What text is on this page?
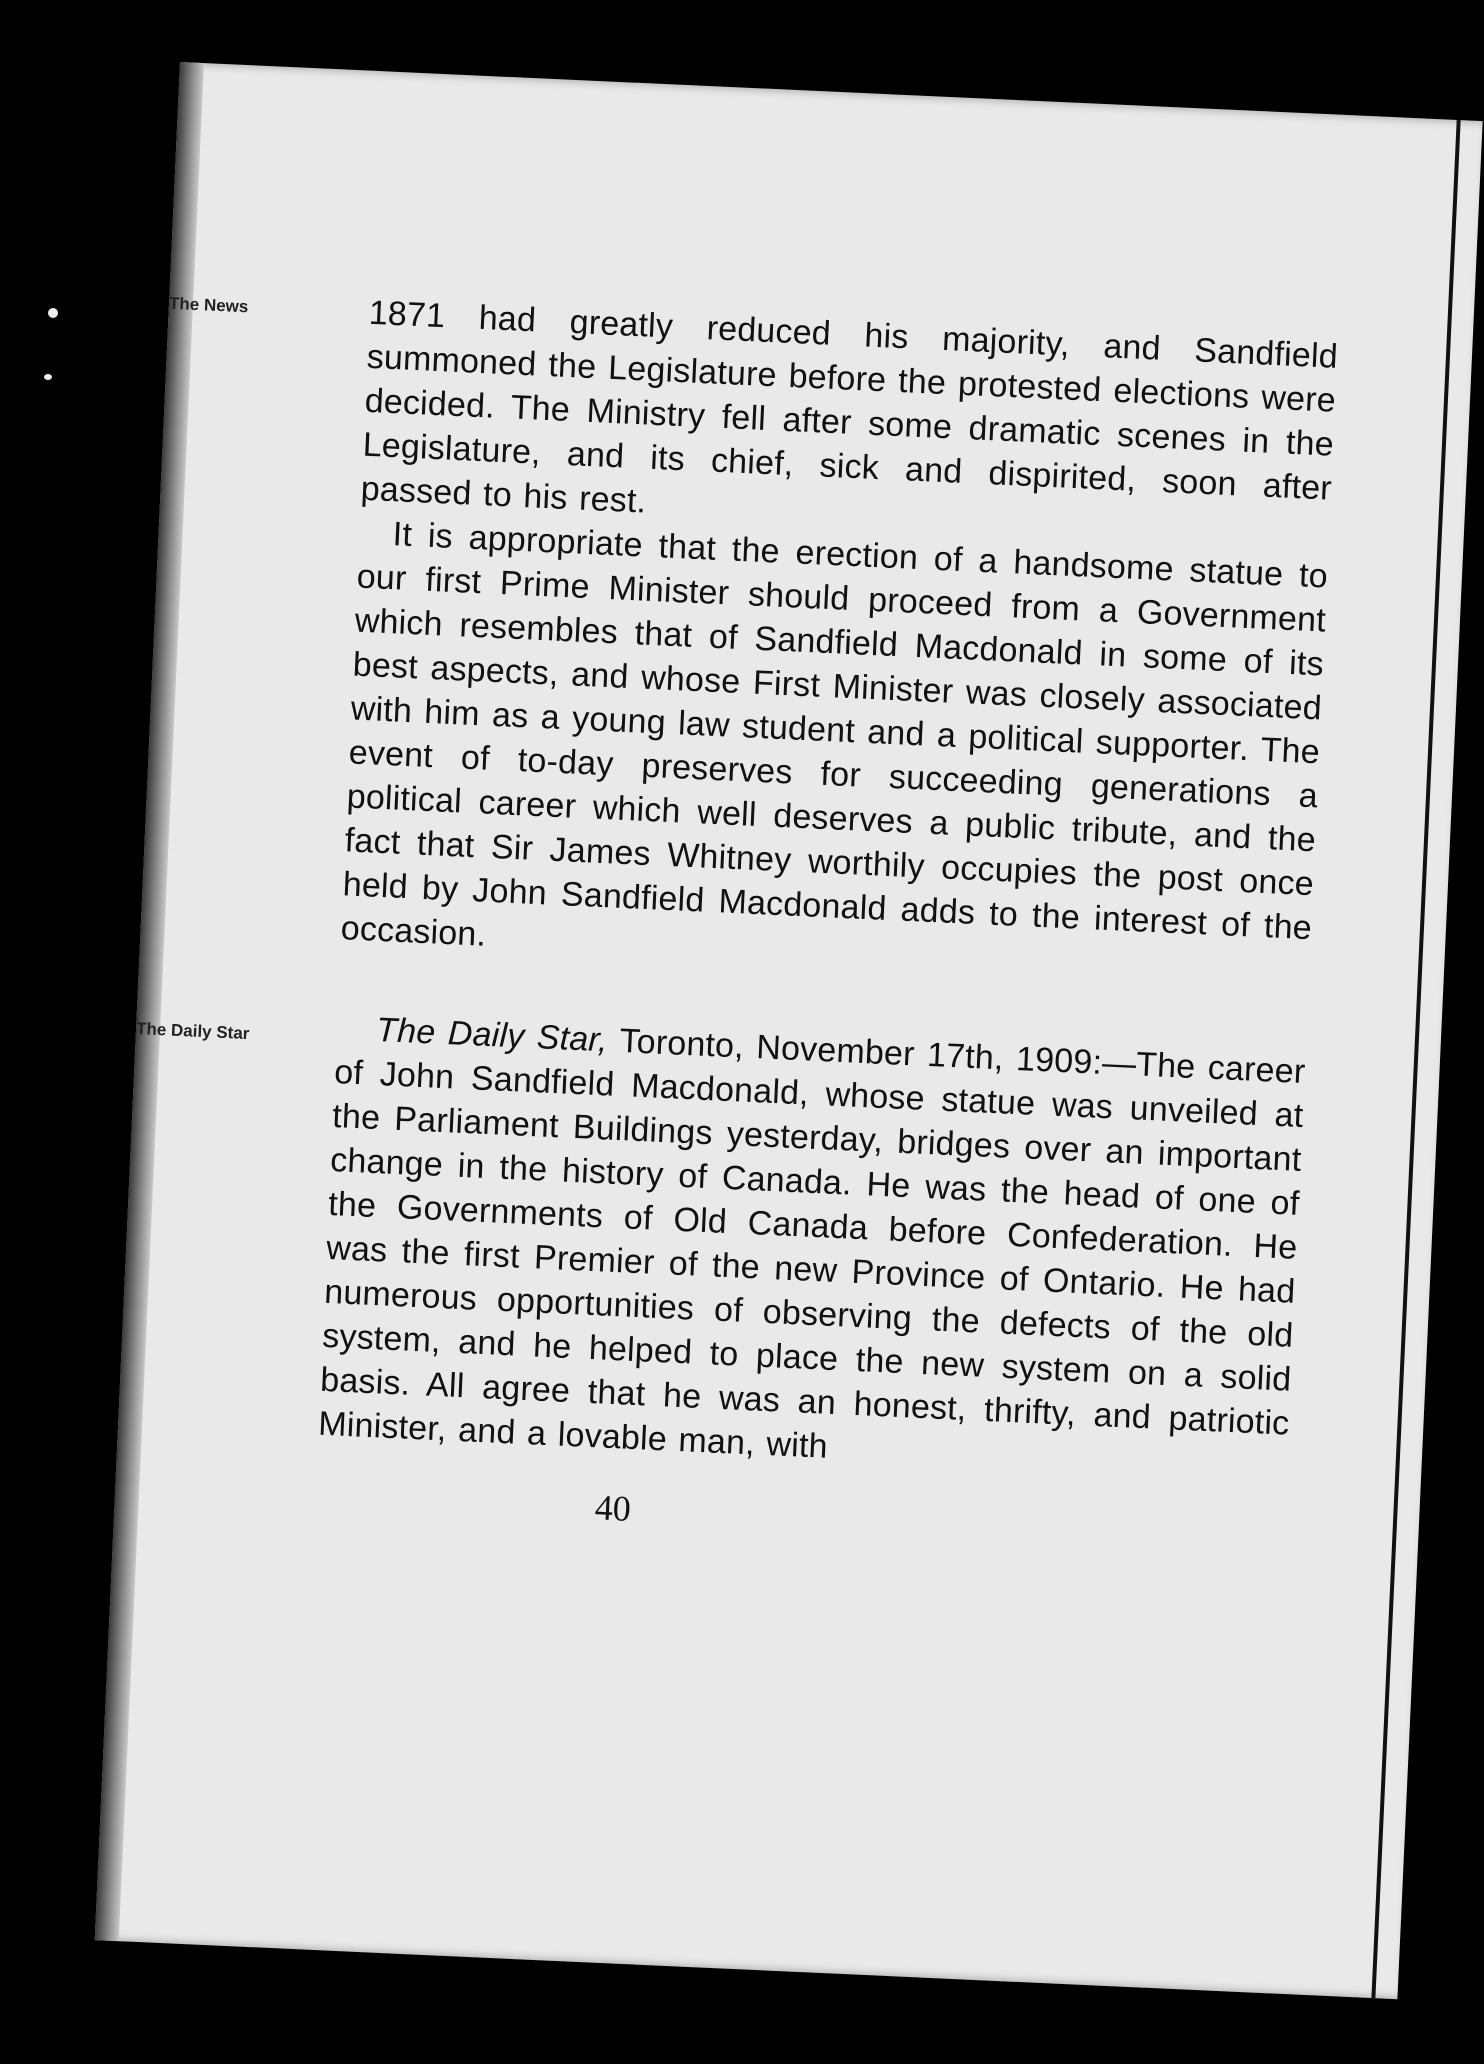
The News	1871 had greatly reduced his majority, and Sandfield summoned the Legislature before the protested elections were decided. The Ministry fell after some dramatic scenes in the Legislature, and its chief, sick and dispirited, soon after passed to his rest.

It is appropriate that the erection of a handsome statue to our first Prime Minister should proceed from a Government which resembles that of Sandfield Macdonald in some of its best aspects, and whose First Minister was closely associated with him as a young law student and a political supporter. The event of to-day preserves for succeeding generations a political career which well deserves a public tribute, and the fact that Sir James Whitney worthily occupies the post once held by John Sandfield Macdonald adds to the interest of the occasion.

The Daily Star	The Daily Star, Toronto, November 17th, 1909:—The career of John Sandfield Macdonald, whose statue was unveiled at the Parliament Buildings yesterday, bridges over an important change in the history of Canada. He was the head of one of the Governments of Old Canada before Confederation. He was the first Premier of the new Province of Ontario. He had numerous opportunities of observing the defects of the old system, and he helped to place the new system on a solid basis. All agree that he was an honest, thrifty, and patriotic Minister, and a lovable man, with

40
